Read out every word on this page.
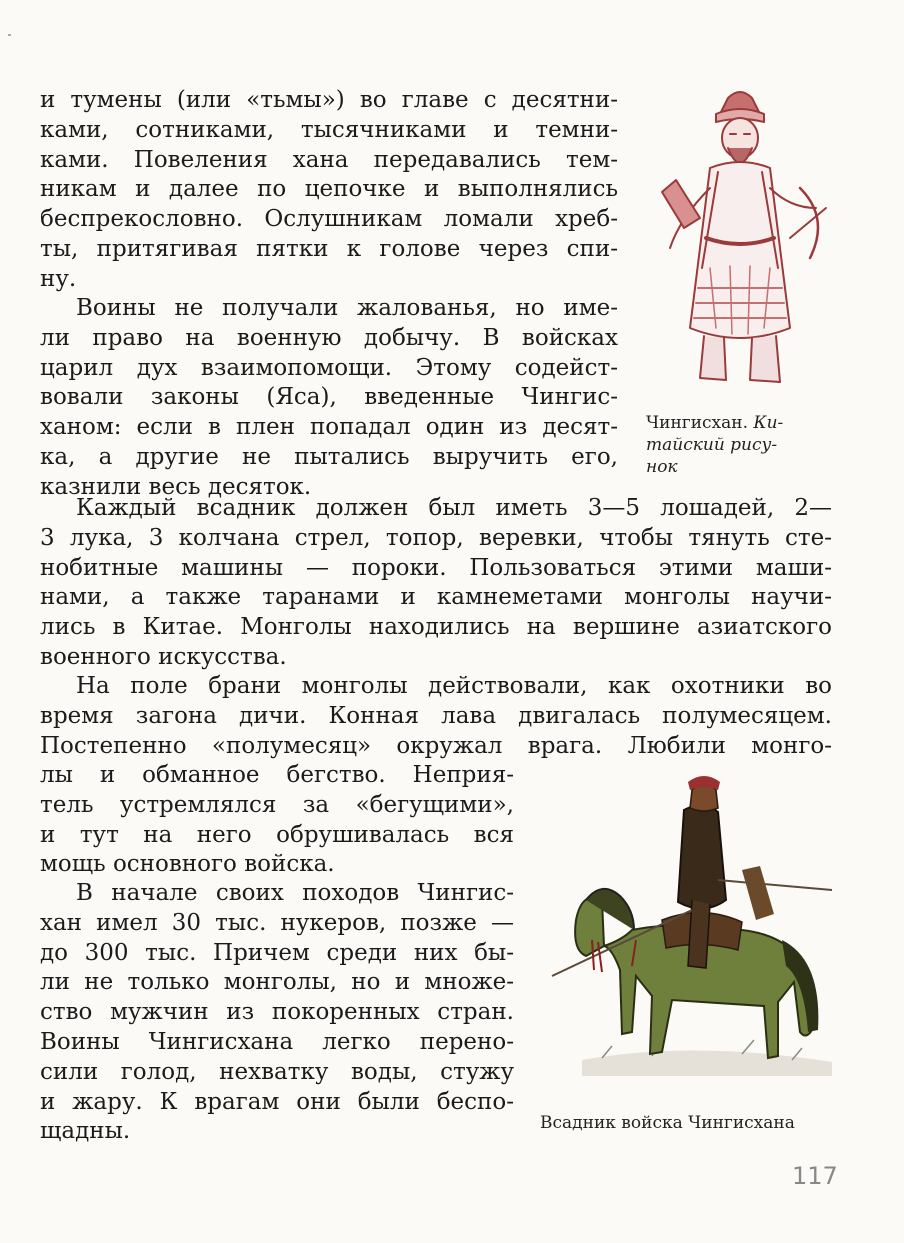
и тумены (или «тьмы») во главе с десятни-
ками, сотниками, тысячниками и темни-
ками. Повеления хана передавались тем-
никам и далее по цепочке и выполнялись
беспрекословно. Ослушникам ломали хреб-
ты, притягивая пятки к голове через спи-
ну.
Воины не получали жалованья, но име-
ли право на военную добычу. В войсках
царил дух взаимопомощи. Этому содейст-
вовали законы (Яса), введенные Чингис-
ханом: если в плен попадал один из десят-
ка, а другие не пытались выручить его,
казнили весь десяток.
Каждый всадник должен был иметь 3—5 лошадей, 2—
3 лука, 3 колчана стрел, топор, веревки, чтобы тянуть сте-
нобитные машины — пороки. Пользоваться этими маши-
нами, а также таранами и камнеметами монголы научи-
лись в Китае. Монголы находились на вершине азиатского
военного искусства.
На поле брани монголы действовали, как охотники во
время загона дичи. Конная лава двигалась полумесяцем.
Постепенно «полумесяц» окружал врага. Любили монго-
лы и обманное бегство. Неприя-
тель устремлялся за «бегущими»,
и тут на него обрушивалась вся
мощь основного войска.
В начале своих походов Чингис-
хан имел 30 тыс. нукеров, позже —
до 300 тыс. Причем среди них бы-
ли не только монголы, но и множе-
ство мужчин из покоренных стран.
Воины Чингисхана легко перено-
сили голод, нехватку воды, стужу
и жару. К врагам они были беспо-
щадны.
Чингисхан. Ки-
тайский рису-
нок
Всадник войска Чингисхана
117
